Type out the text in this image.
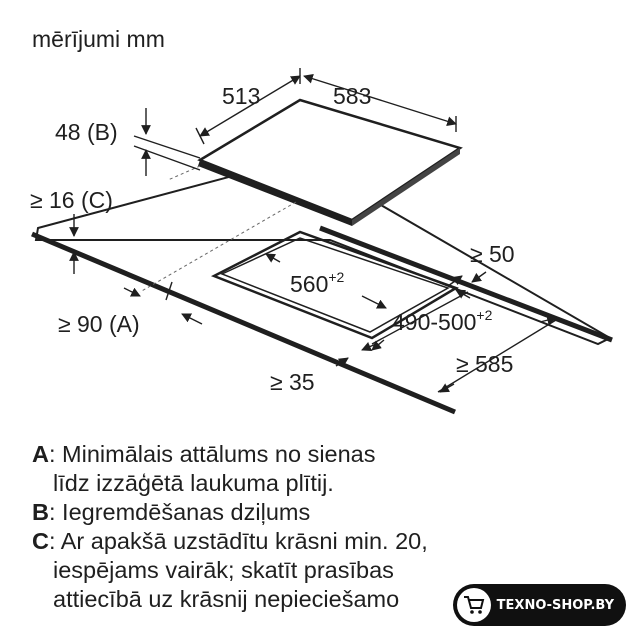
mērījumi mm
513	583
48 (B)
≥ 16 (C)
≥ 50
$560^{+2}$
≥ 90 (A)	$490-500^{+2}$
≥ 585
≥ 35
A: Minimālais attālums no sienas
līdz izzāģētā laukuma plītij.
B: Iegremdēšanas dziļums
C: Ar apakšā uzstādītu krāsni min. 20,
iespējams vairāk; skatīt prasības
attiecībā uz krāsnij nepieciešamo	TEXNO-SHOP.BY
